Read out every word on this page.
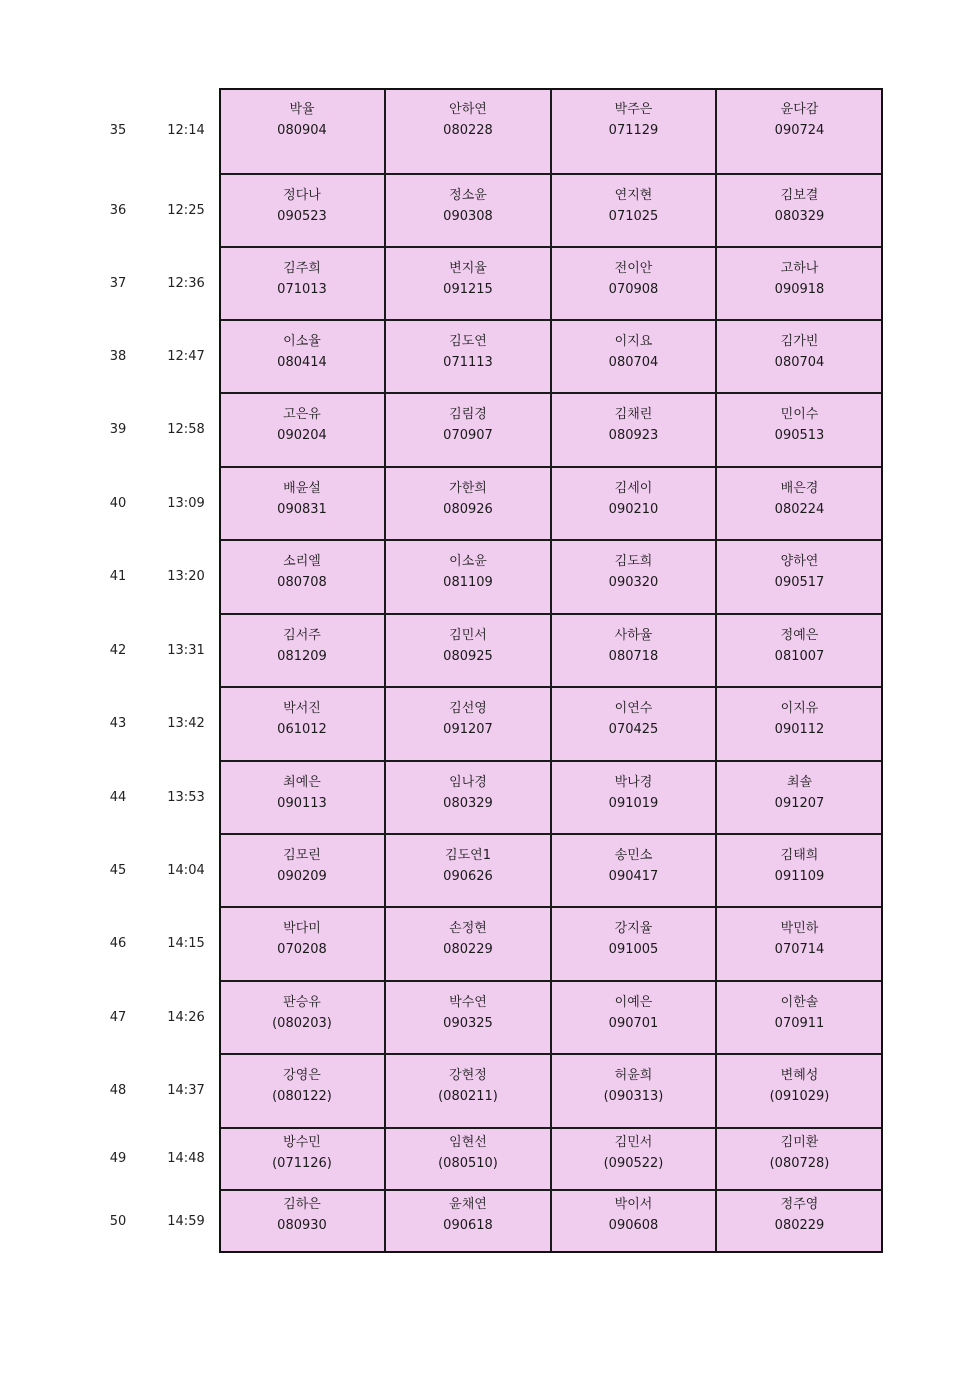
35	12:14
박율
080904
안하연
080228
박주은
071129
윤다감
090724
36	12:25
정다나
090523
정소윤
090308
연지현
071025
김보결
080329
37	12:36
김주희
071013
변지율
091215
전이안
070908
고하나
090918
38	12:47
이소율
080414
김도연
071113
이지요
080704
김가빈
080704
39	12:58
고은유
090204
김림경
070907
김채린
080923
민이수
090513
40	13:09
배윤설
090831
가한희
080926
김세이
090210
배은경
080224
41	13:20
소리엘
080708
이소윤
081109
김도희
090320
양하연
090517
42	13:31
김서주
081209
김민서
080925
사하율
080718
정예은
081007
43	13:42
박서진
061012
김선영
091207
이연수
070425
이지유
090112
44	13:53
최예은
090113
임나경
080329
박나경
091019
최솔
091207
45	14:04
김모린
090209
김도연1
090626
송민소
090417
김태희
091109
46	14:15
박다미
070208
손정현
080229
강지율
091005
박민하
070714
47	14:26
판승유
(080203)
박수연
090325
이예은
090701
이한솔
070911
48	14:37
강영은
(080122)
강현정
(080211)
허윤희
(090313)
변혜성
(091029)
49	14:48
방수민
(071126)
임현선
(080510)
김민서
(090522)
김미환
(080728)
50	14:59
김하은
080930
윤채연
090618
박이서
090608
정주영
080229
